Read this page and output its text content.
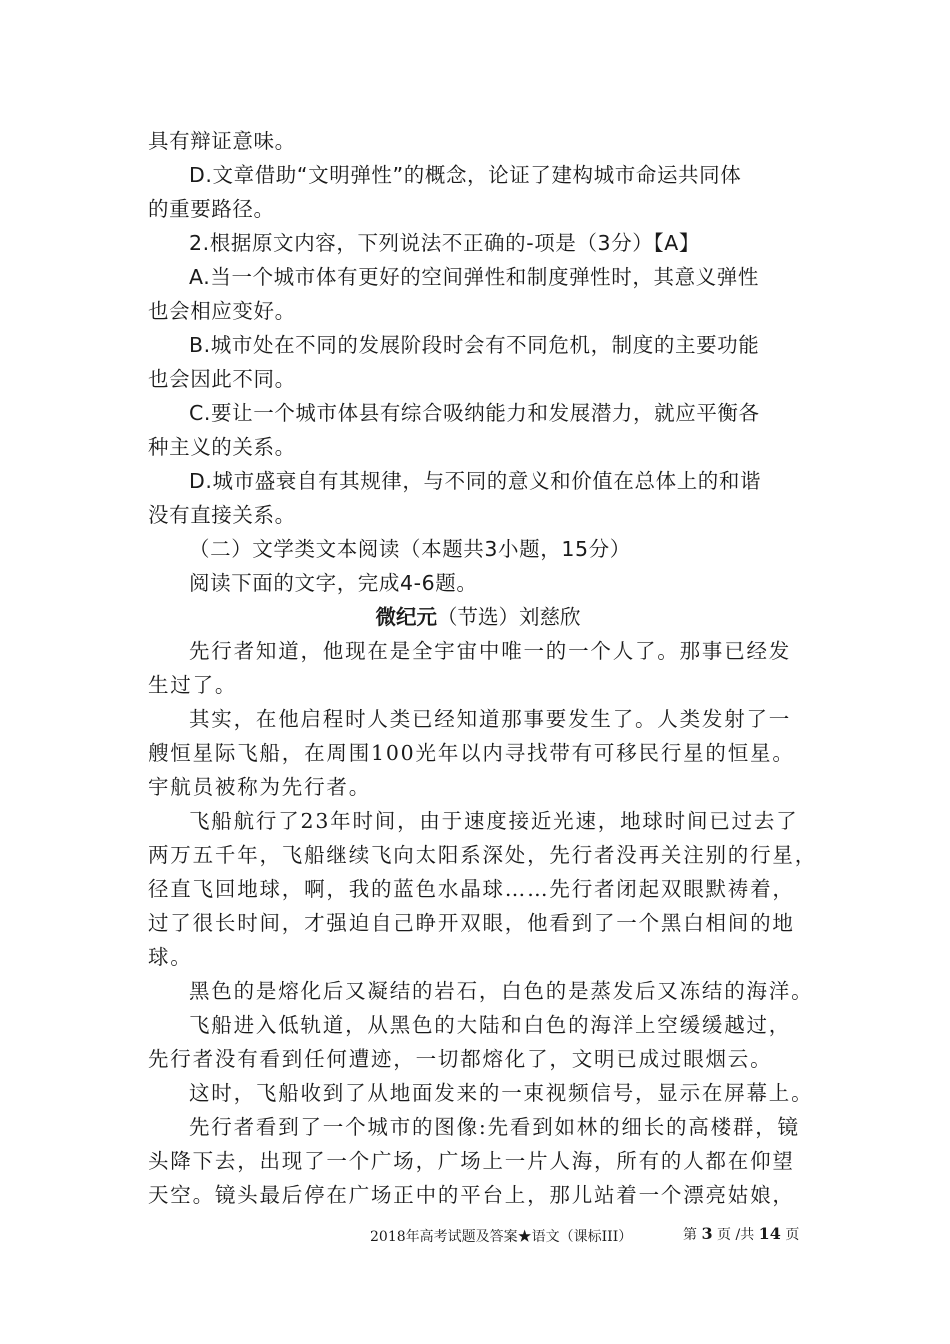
具有辩证意味。
D.文章借助“文明弹性”的概念，论证了建构城市命运共同体
的重要路径。
2.根据原文内容，下列说法不正确的-项是（3分）【A】
A.当一个城市体有更好的空间弹性和制度弹性时，其意义弹性
也会相应变好。
B.城市处在不同的发展阶段时会有不同危机，制度的主要功能
也会因此不同。
C.要让一个城市体县有综合吸纳能力和发展潜力，就应平衡各
种主义的关系。
D.城市盛衰自有其规律，与不同的意义和价值在总体上的和谐
没有直接关系。
（二）文学类文本阅读（本题共3小题，15分）
阅读下面的文字，完成4-6题。
微纪元（节选）刘慈欣
先行者知道，他现在是全宇宙中唯一的一个人了。那事已经发
生过了。
其实，在他启程时人类已经知道那事要发生了。人类发射了一
艘恒星际飞船，在周围100光年以内寻找带有可移民行星的恒星。
宇航员被称为先行者。
飞船航行了23年时间，由于速度接近光速，地球时间已过去了
两万五千年，飞船继续飞向太阳系深处，先行者没再关注别的行星，
径直飞回地球，啊，我的蓝色水晶球……先行者闭起双眼默祷着，
过了很长时间，才强迫自己睁开双眼，他看到了一个黑白相间的地
球。
黑色的是熔化后又凝结的岩石，白色的是蒸发后又冻结的海洋。
飞船进入低轨道，从黑色的大陆和白色的海洋上空缓缓越过，
先行者没有看到任何遭迹，一切都熔化了，文明已成过眼烟云。
这时，飞船收到了从地面发来的一束视频信号，显示在屏幕上。
先行者看到了一个城市的图像:先看到如林的细长的高楼群，镜
头降下去，出现了一个广场，广场上一片人海，所有的人都在仰望
天空。镜头最后停在广场正中的平台上，那儿站着一个漂亮姑娘，
2018年高考试题及答案★语文（课标III）	第 3 页 /共 14 页
